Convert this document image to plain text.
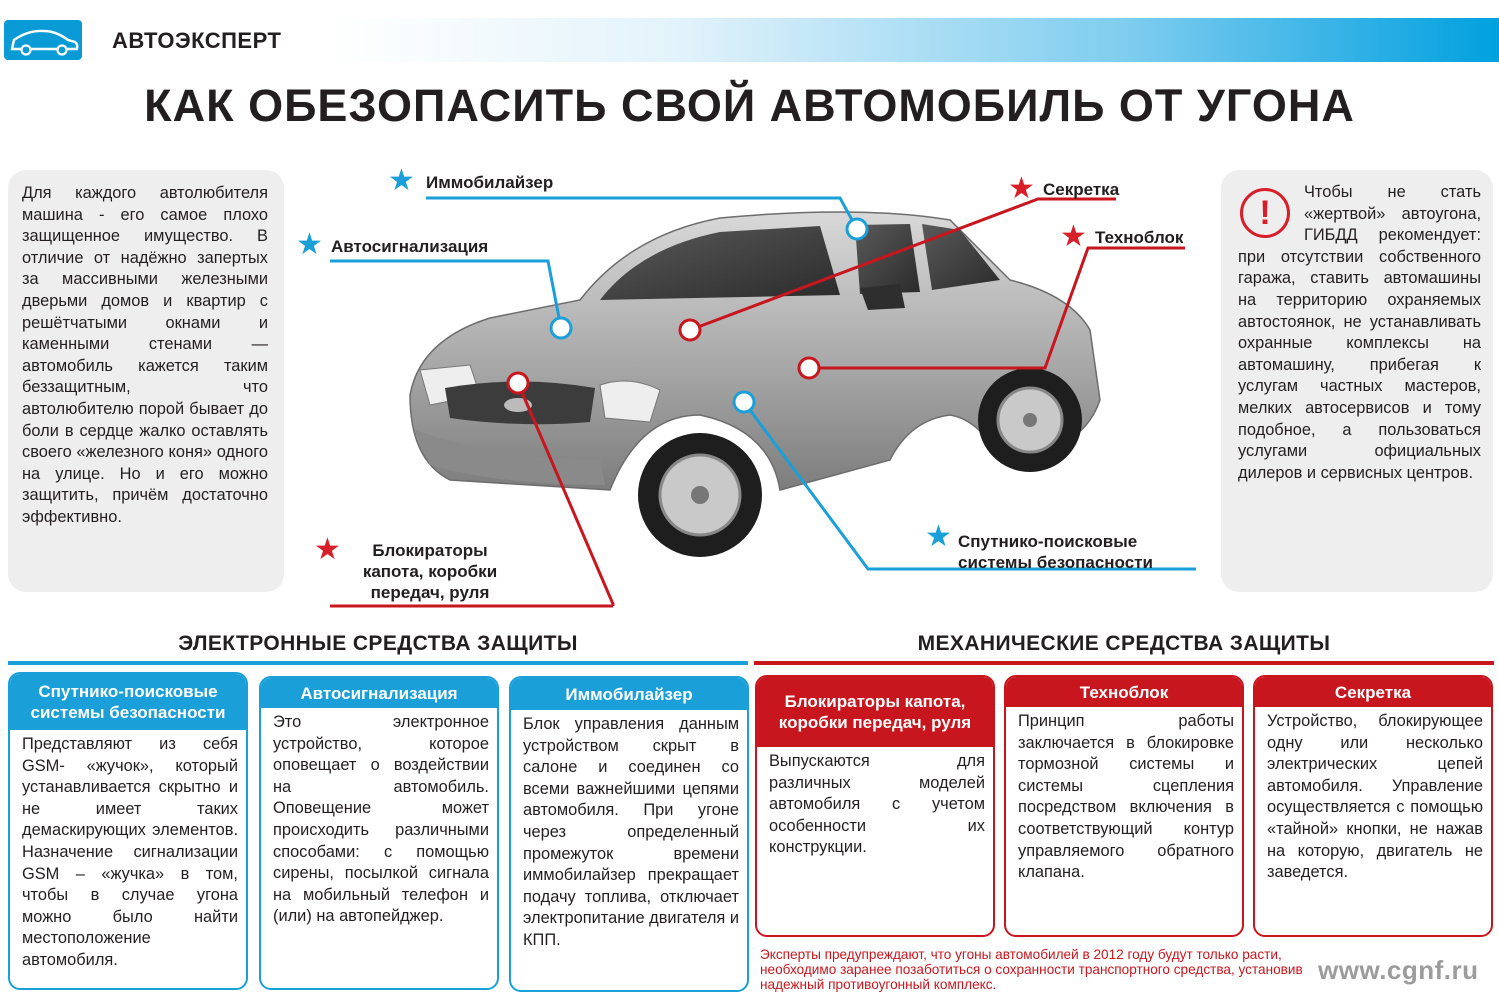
АВТОЭКСПЕРТ
КАК ОБЕЗОПАСИТЬ СВОЙ АВТОМОБИЛЬ ОТ УГОНА
Для каждого автолюбителя машина - его самое плохо защищенное имущество. В отличие от надёжно запертых за массивными железными дверьми домов и квартир с решётчатыми окнами и каменными стенами — автомобиль кажется таким беззащитным, что автолюбителю порой бывает до боли в сердце жалко оставлять своего «железного коня» одного на улице. Но и его можно защитить, причём достаточно эффективно.
!
Чтобы не стать «жертвой» автоугона, ГИБДД рекомендует: при отсутствии собственного гаража, ставить автомашины на территорию охраняемых автостоянок, не устанавливать охранные комплексы на автомашину, прибегая к услугам частных мастеров, мелких автосервисов и тому подобное, а пользоваться услугами официальных дилеров и сервисных центров.
★ Иммобилайзер
★ Автосигнализация
★ Секретка
★ Техноблок
★	Блокираторы
капота, коробки
передач, руля
★ Спутнико-поисковые
системы безопасности
ЭЛЕКТРОННЫЕ СРЕДСТВА ЗАЩИТЫ	МЕХАНИЧЕСКИЕ СРЕДСТВА ЗАЩИТЫ
Спутнико-поисковые системы безопасности
Представляют из себя GSM- «жучок», который устанавливается скрытно и не имеет таких демаскирующих элементов. Назначение сигнализации GSM – «жучка» в том, чтобы в случае угона можно было найти местоположение автомобиля.
Автосигнализация
Это электронное устройство, которое оповещает о воздействии на автомобиль. Оповещение может происходить различными способами: с помощью сирены, посылкой сигнала на мобильный телефон и (или) на автопейджер.
Иммобилайзер
Блок управления данным устройством скрыт в салоне и соединен со всеми важнейшими цепями автомобиля. При угоне через определенный промежуток времени иммобилайзер прекращает подачу топлива, отключает электропитание двигателя и КПП.
Блокираторы капота, коробки передач, руля
Выпускаются для различных моделей автомобиля с учетом особенности их конструкции.
Техноблок
Принцип работы заключается в блокировке тормозной системы и системы сцепления посредством включения в соответствующий контур управляемого обратного клапана.
Секретка
Устройство, блокирующее одну или несколько электрических цепей автомобиля. Управление осуществляется с помощью «тайной» кнопки, не нажав на которую, двигатель не заведется.
Эксперты предупреждают, что угоны автомобилей в 2012 году будут только расти, необходимо заранее позаботиться о сохранности транспортного средства, установив надежный противоугонный комплекс.	www.cgnf.ru
